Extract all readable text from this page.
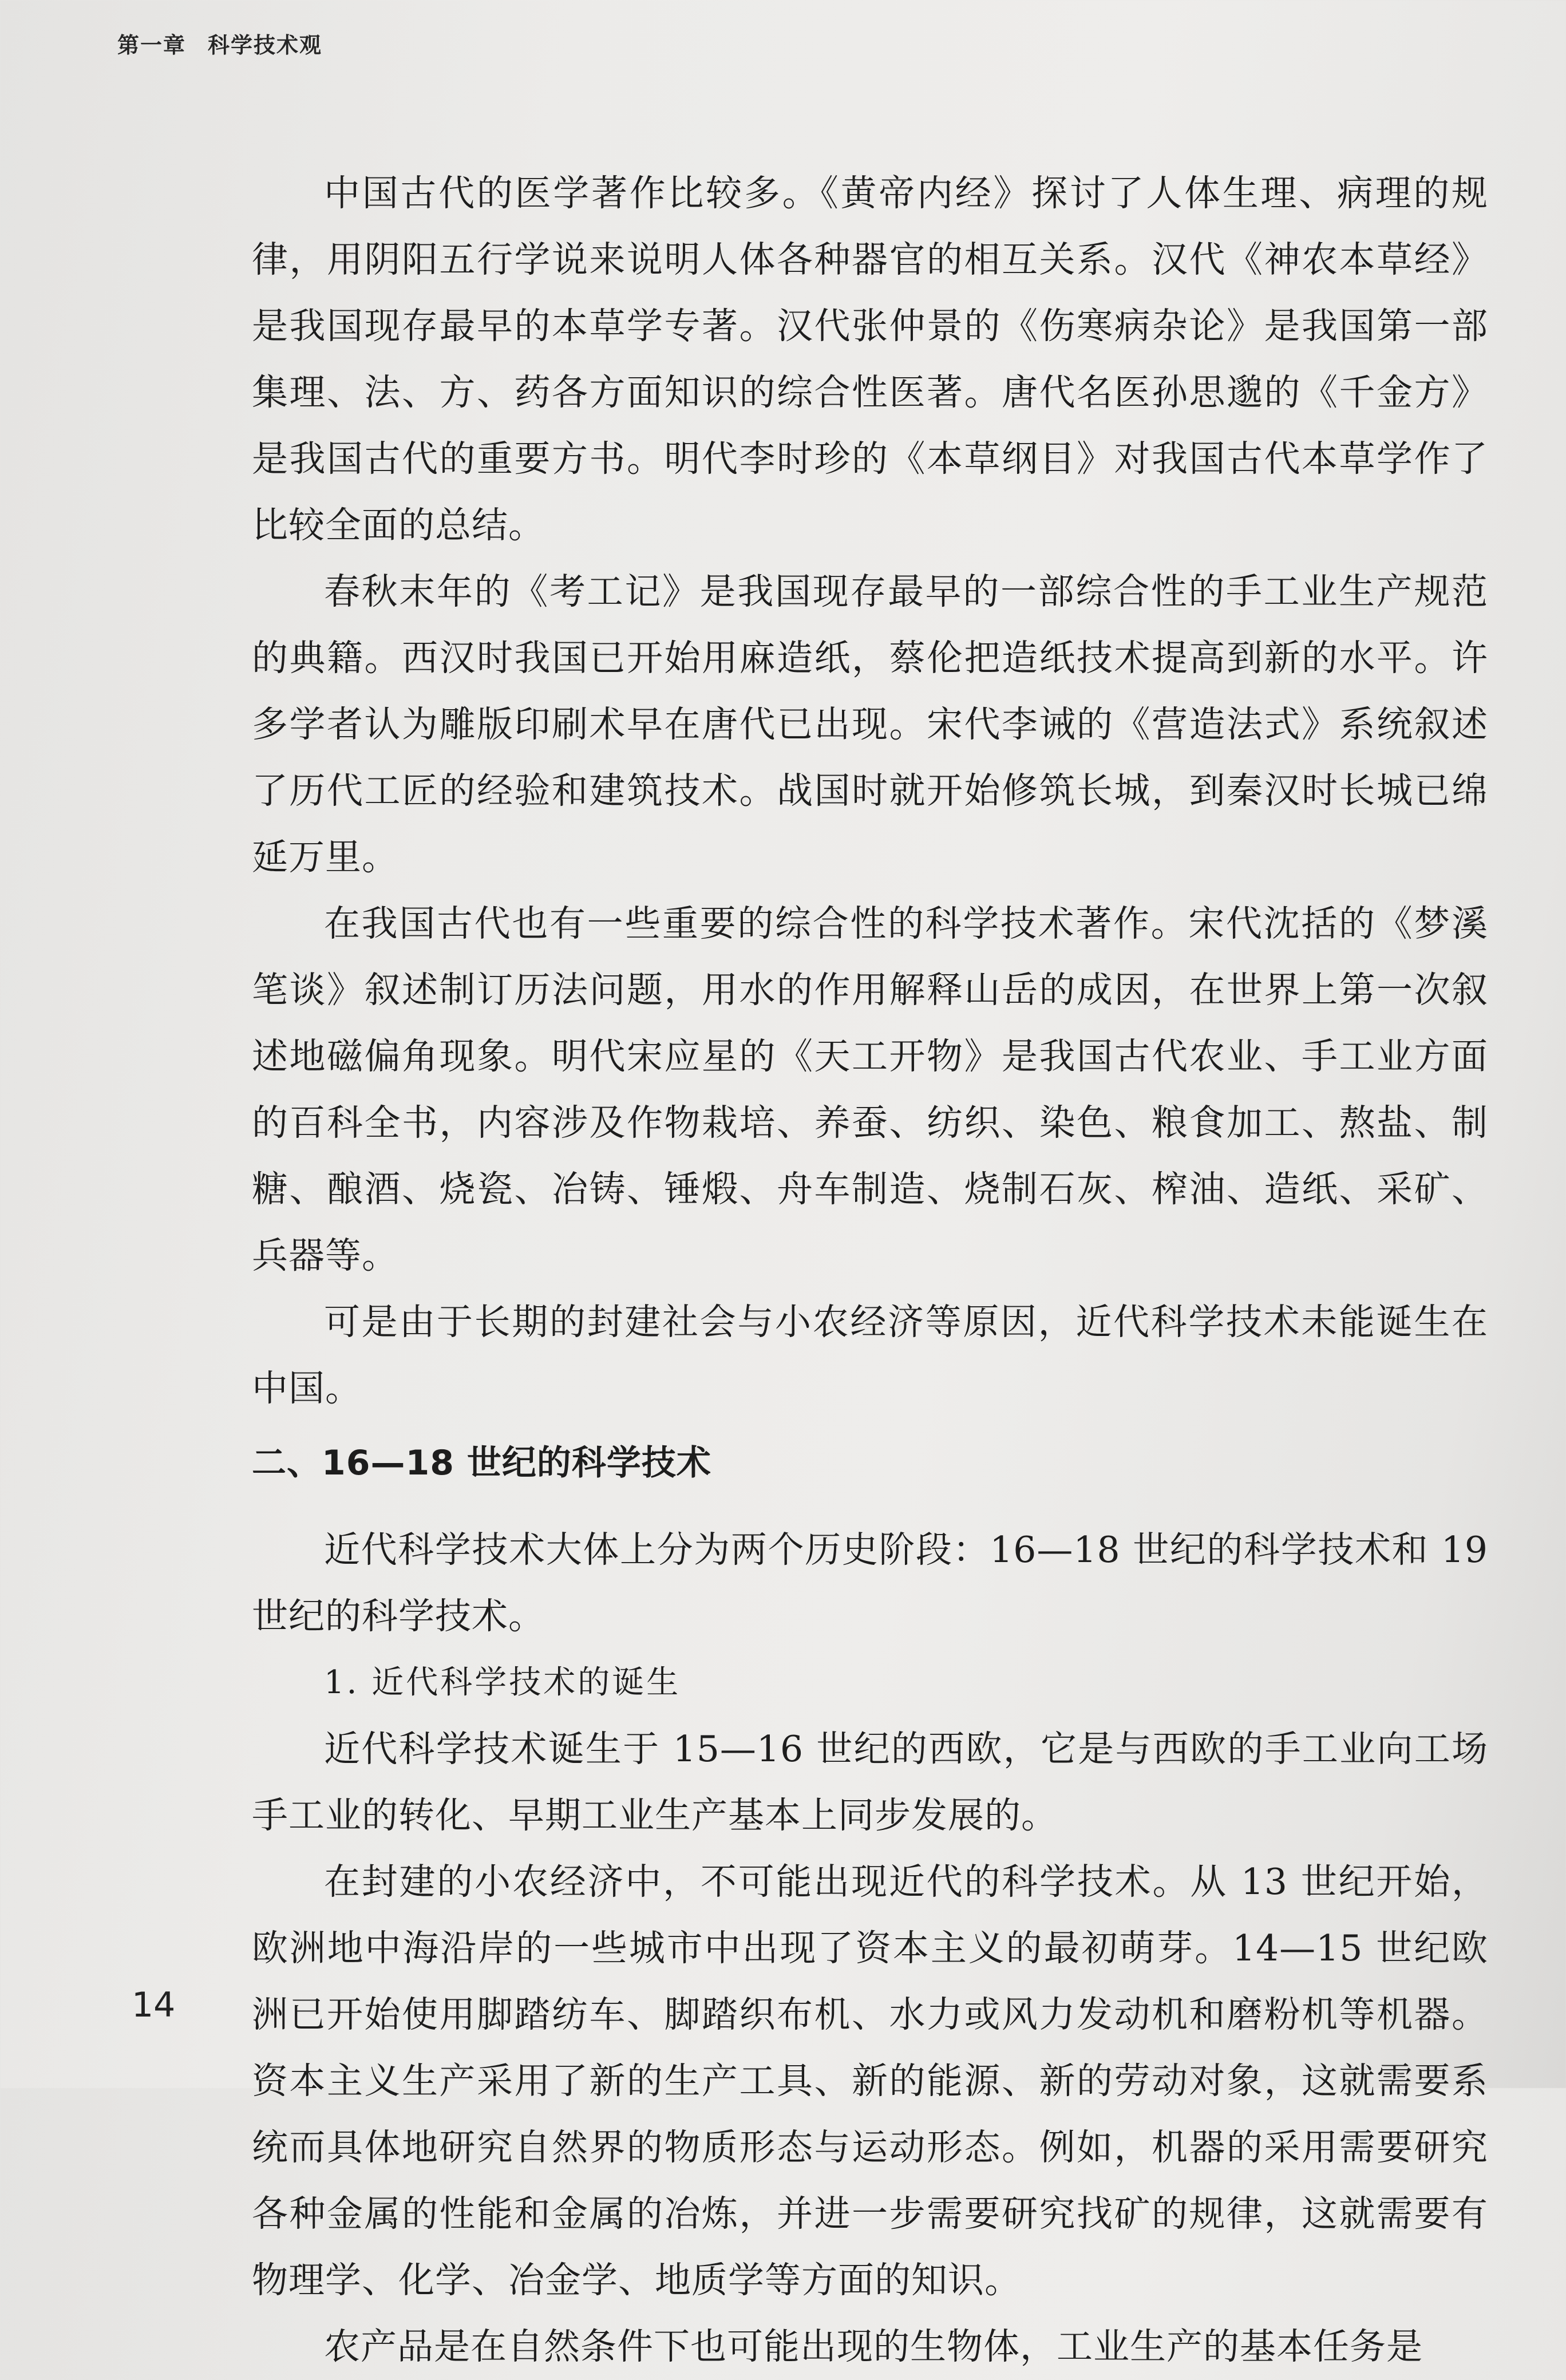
第一章 科学技术观

中国古代的医学著作比较多。《黄帝内经》探讨了人体生理、病理的规律，用阴阳五行学说来说明人体各种器官的相互关系。汉代《神农本草经》是我国现存最早的本草学专著。汉代张仲景的《伤寒病杂论》是我国第一部集理、法、方、药各方面知识的综合性医著。唐代名医孙思邈的《千金方》是我国古代的重要方书。明代李时珍的《本草纲目》对我国古代本草学作了比较全面的总结。

春秋末年的《考工记》是我国现存最早的一部综合性的手工业生产规范的典籍。西汉时我国已开始用麻造纸，蔡伦把造纸技术提高到新的水平。许多学者认为雕版印刷术早在唐代已出现。宋代李诫的《营造法式》系统叙述了历代工匠的经验和建筑技术。战国时就开始修筑长城，到秦汉时长城已绵延万里。

在我国古代也有一些重要的综合性的科学技术著作。宋代沈括的《梦溪笔谈》叙述制订历法问题，用水的作用解释山岳的成因，在世界上第一次叙述地磁偏角现象。明代宋应星的《天工开物》是我国古代农业、手工业方面的百科全书，内容涉及作物栽培、养蚕、纺织、染色、粮食加工、熬盐、制糖、酿酒、烧瓷、冶铸、锤煅、舟车制造、烧制石灰、榨油、造纸、采矿、兵器等。

可是由于长期的封建社会与小农经济等原因，近代科学技术未能诞生在中国。

二、16—18 世纪的科学技术

近代科学技术大体上分为两个历史阶段：16—18 世纪的科学技术和 19 世纪的科学技术。

1. 近代科学技术的诞生

近代科学技术诞生于 15—16 世纪的西欧，它是与西欧的手工业向工场手工业的转化、早期工业生产基本上同步发展的。

在封建的小农经济中，不可能出现近代的科学技术。从 13 世纪开始，欧洲地中海沿岸的一些城市中出现了资本主义的最初萌芽。14—15 世纪欧洲已开始使用脚踏纺车、脚踏织布机、水力或风力发动机和磨粉机等机器。资本主义生产采用了新的生产工具、新的能源、新的劳动对象，这就需要系统而具体地研究自然界的物质形态与运动形态。例如，机器的采用需要研究各种金属的性能和金属的冶炼，并进一步需要研究找矿的规律，这就需要有物理学、化学、冶金学、地质学等方面的知识。

农产品是在自然条件下也可能出现的生物体，工业生产的基本任务是

14
